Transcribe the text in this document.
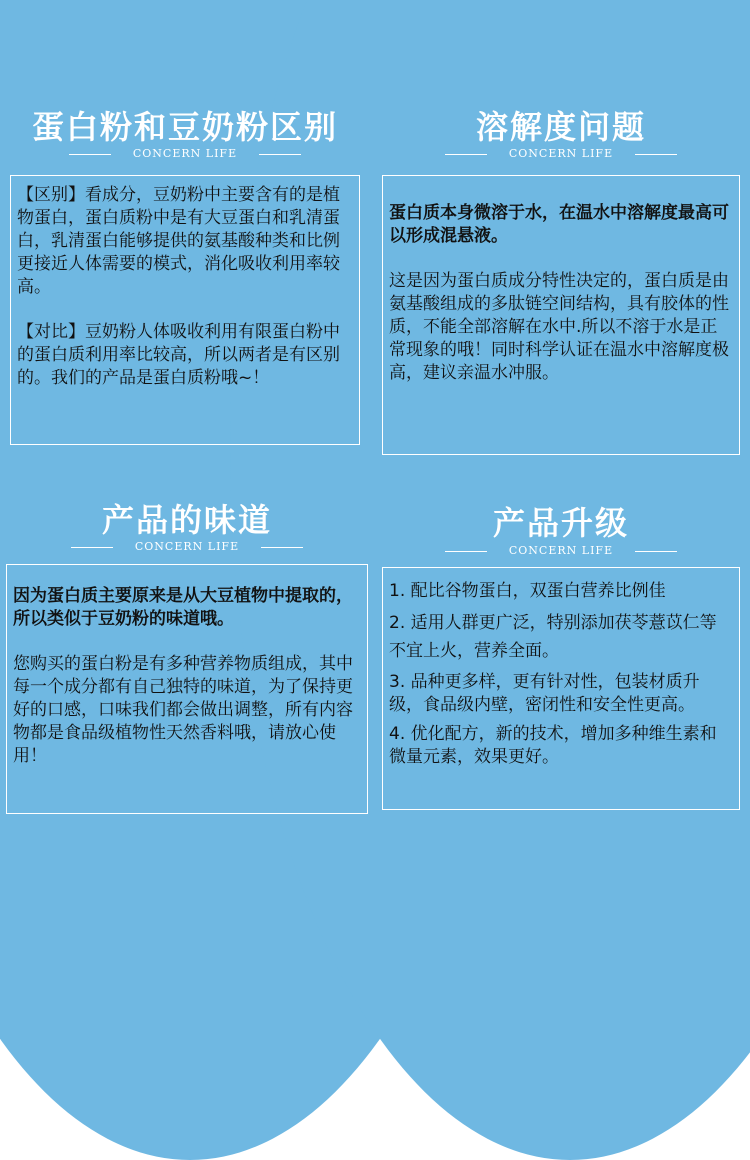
蛋白粉和豆奶粉区别
CONCERN LIFE

【区别】看成分，豆奶粉中主要含有的是植物蛋白，蛋白质粉中是有大豆蛋白和乳清蛋白，乳清蛋白能够提供的氨基酸种类和比例更接近人体需要的模式，消化吸收利用率较高。

【对比】豆奶粉人体吸收利用有限蛋白粉中的蛋白质利用率比较高，所以两者是有区别的。我们的产品是蛋白质粉哦~！

溶解度问题
CONCERN LIFE

蛋白质本身微溶于水，在温水中溶解度最高可以形成混悬液。

这是因为蛋白质成分特性决定的，蛋白质是由氨基酸组成的多肽链空间结构，具有胶体的性质，不能全部溶解在水中.所以不溶于水是正常现象的哦！同时科学认证在温水中溶解度极高，建议亲温水冲服。

产品的味道
CONCERN LIFE

因为蛋白质主要原来是从大豆植物中提取的，所以类似于豆奶粉的味道哦。

您购买的蛋白粉是有多种营养物质组成，其中每一个成分都有自己独特的味道，为了保持更好的口感，口味我们都会做出调整，所有内容物都是食品级植物性天然香料哦，请放心使用！

产品升级
CONCERN LIFE

1. 配比谷物蛋白，双蛋白营养比例佳

2. 适用人群更广泛，特别添加茯苓薏苡仁等不宜上火，营养全面。

3. 品种更多样，更有针对性，包装材质升级，食品级内壁，密闭性和安全性更高。

4. 优化配方，新的技术，增加多种维生素和微量元素，效果更好。
